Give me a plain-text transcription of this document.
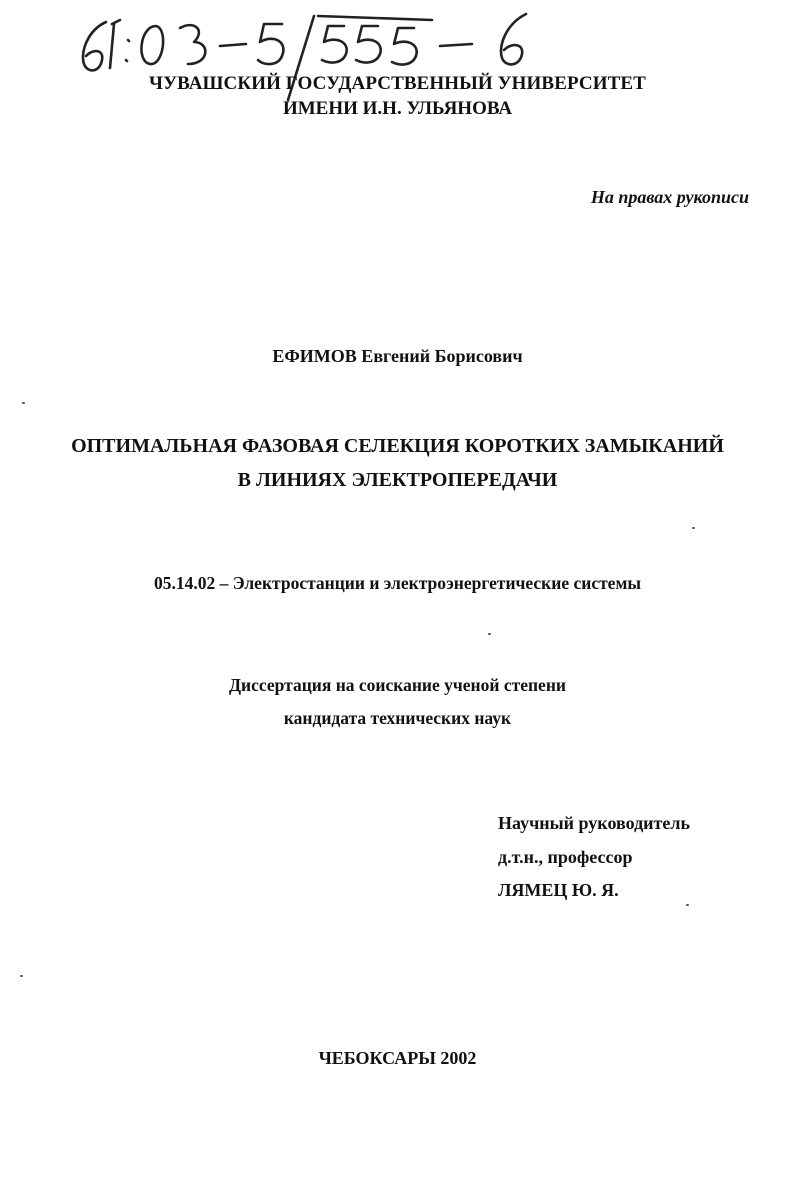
ЧУВАШСКИЙ ГОСУДАРСТВЕННЫЙ УНИВЕРСИТЕТ
ИМЕНИ И.Н. УЛЬЯНОВА
На правах рукописи
ЕФИМОВ Евгений Борисович
ОПТИМАЛЬНАЯ ФАЗОВАЯ СЕЛЕКЦИЯ КОРОТКИХ ЗАМЫКАНИЙ
В ЛИНИЯХ ЭЛЕКТРОПЕРЕДАЧИ
05.14.02 – Электростанции и электроэнергетические системы
Диссертация на соискание ученой степени
кандидата технических наук
Научный руководитель
д.т.н., профессор
ЛЯМЕЦ Ю. Я.
ЧЕБОКСАРЫ 2002
